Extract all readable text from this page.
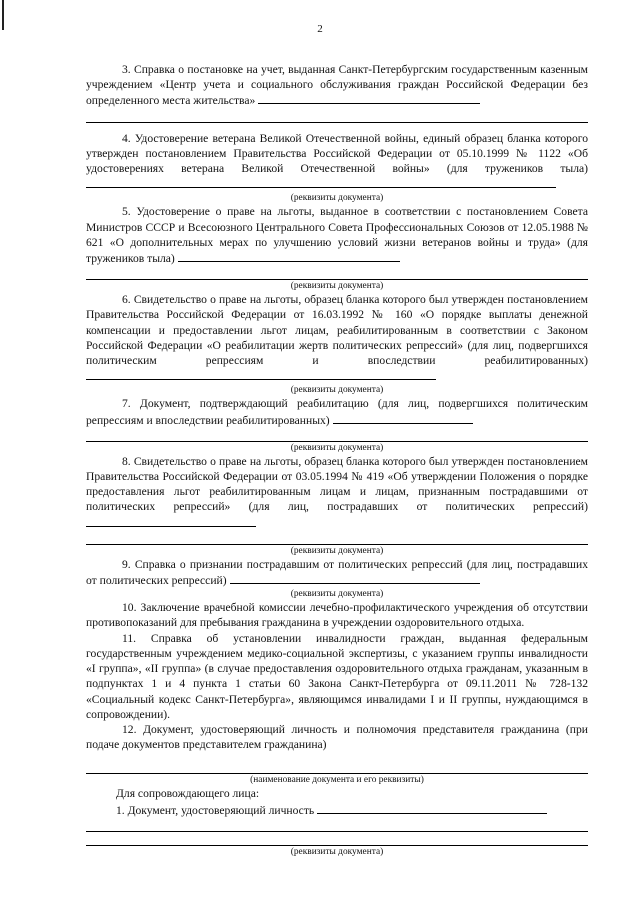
2

3. Справка о постановке на учет, выданная Санкт-Петербургским государственным казенным учреждением «Центр учета и социального обслуживания граждан Российской Федерации без определенного места жительства»

4. Удостоверение ветерана Великой Отечественной войны, единый образец бланка которого утвержден постановлением Правительства Российской Федерации от 05.10.1999 № 1122 «Об удостоверениях ветерана Великой Отечественной войны» (для тружеников тыла)

(реквизиты документа)

5. Удостоверение о праве на льготы, выданное в соответствии с постановлением Совета Министров СССР и Всесоюзного Центрального Совета Профессиональных Союзов от 12.05.1988 № 621 «О дополнительных мерах по улучшению условий жизни ветеранов войны и труда» (для тружеников тыла)

(реквизиты документа)

6. Свидетельство о праве на льготы, образец бланка которого был утвержден постановлением Правительства Российской Федерации от 16.03.1992 № 160 «О порядке выплаты денежной компенсации и предоставлении льгот лицам, реабилитированным в соответствии с Законом Российской Федерации «О реабилитации жертв политических репрессий» (для лиц, подвергшихся политическим репрессиям и впоследствии реабилитированных)

(реквизиты документа)

7. Документ, подтверждающий реабилитацию (для лиц, подвергшихся политическим репрессиям и впоследствии реабилитированных)

(реквизиты документа)

8. Свидетельство о праве на льготы, образец бланка которого был утвержден постановлением Правительства Российской Федерации от 03.05.1994 № 419 «Об утверждении Положения о порядке предоставления льгот реабилитированным лицам и лицам, признанным пострадавшими от политических репрессий» (для лиц, пострадавших от политических репрессий)

(реквизиты документа)

9. Справка о признании пострадавшим от политических репрессий (для лиц, пострадавших от политических репрессий)

(реквизиты документа)

10. Заключение врачебной комиссии лечебно-профилактического учреждения об отсутствии противопоказаний для пребывания гражданина в учреждении оздоровительного отдыха.

11. Справка об установлении инвалидности граждан, выданная федеральным государственным учреждением медико-социальной экспертизы, с указанием группы инвалидности «I группа», «II группа» (в случае предоставления оздоровительного отдыха гражданам, указанным в подпунктах 1 и 4 пункта 1 статьи 60 Закона Санкт-Петербурга от 09.11.2011 № 728-132 «Социальный кодекс Санкт-Петербурга», являющимся инвалидами I и II группы, нуждающимся в сопровождении).

12. Документ, удостоверяющий личность и полномочия представителя гражданина (при подаче документов представителем гражданина)

(наименование документа и его реквизиты)

Для сопровождающего лица:

1. Документ, удостоверяющий личность

(реквизиты документа)
